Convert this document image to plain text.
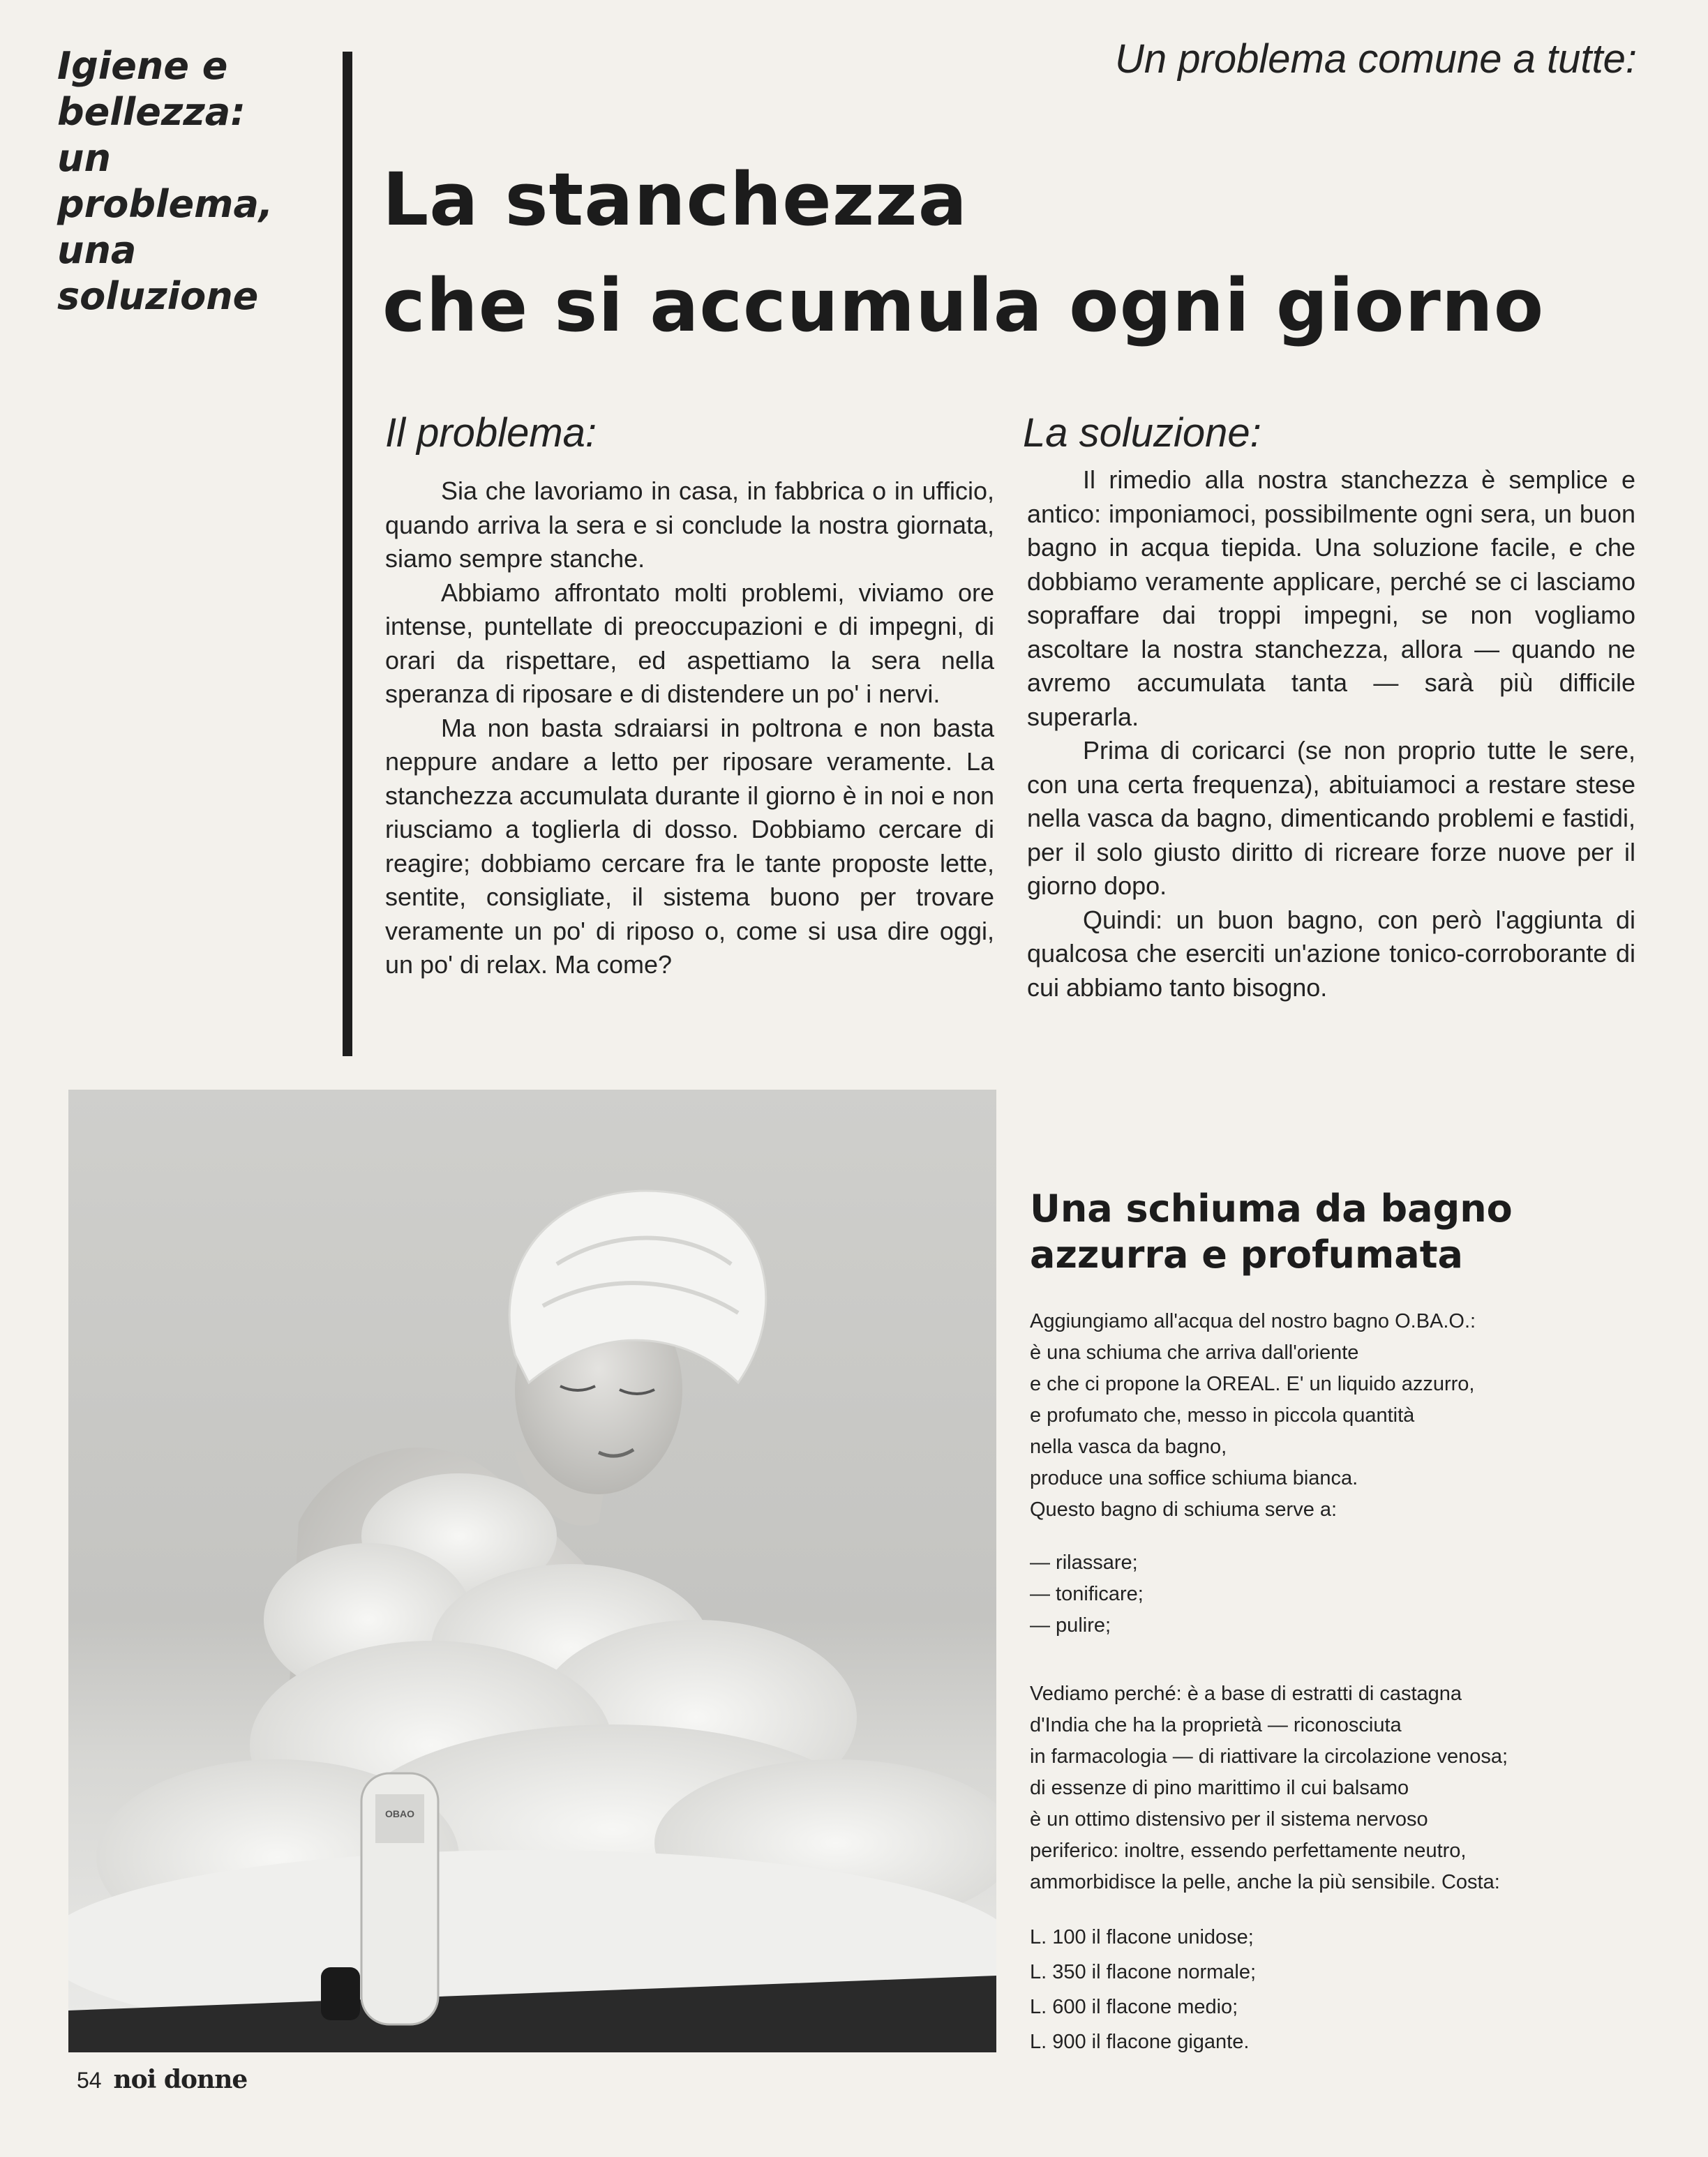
Igiene e
bellezza:
un
problema,
una
soluzione
Un problema comune a tutte:
La stanchezza
che si accumula ogni giorno
Il problema:

Sia che lavoriamo in casa, in fabbrica o in ufficio, quando arriva la sera e si conclude la nostra giornata, siamo sempre stanche.

Abbiamo affrontato molti problemi, viviamo ore intense, puntellate di preoccupazioni e di impegni, di orari da rispettare, ed aspettiamo la sera nella speranza di riposare e di distendere un po' i nervi.

Ma non basta sdraiarsi in poltrona e non basta neppure andare a letto per riposare veramente. La stanchezza accumulata durante il giorno è in noi e non riusciamo a toglierla di dosso. Dobbiamo cercare di reagire; dobbiamo cercare fra le tante proposte lette, sentite, consigliate, il sistema buono per trovare veramente un po' di riposo o, come si usa dire oggi, un po' di relax. Ma come?

La soluzione:

Il rimedio alla nostra stanchezza è semplice e antico: imponiamoci, possibilmente ogni sera, un buon bagno in acqua tiepida. Una soluzione facile, e che dobbiamo veramente applicare, perché se ci lasciamo sopraffare dai troppi impegni, se non vogliamo ascoltare la nostra stanchezza, allora — quando ne avremo accumulata tanta — sarà più difficile superarla.

Prima di coricarci (se non proprio tutte le sere, con una certa frequenza), abituiamoci a restare stese nella vasca da bagno, dimenticando problemi e fastidi, per il solo giusto diritto di ricreare forze nuove per il giorno dopo.

Quindi: un buon bagno, con però l'aggiunta di qualcosa che eserciti un'azione tonico-corroborante di cui abbiamo tanto bisogno.

OBAO
Una schiuma da bagno
azzurra e profumata
Aggiungiamo all'acqua del nostro bagno O.BA.O.:
è una schiuma che arriva dall'oriente
e che ci propone la OREAL. E' un liquido azzurro,
e profumato che, messo in piccola quantità
nella vasca da bagno,
produce una soffice schiuma bianca.
Questo bagno di schiuma serve a:
— rilassare;
— tonificare;
— pulire;
Vediamo perché: è a base di estratti di castagna
d'India che ha la proprietà — riconosciuta
in farmacologia — di riattivare la circolazione venosa;
di essenze di pino marittimo il cui balsamo
è un ottimo distensivo per il sistema nervoso
periferico: inoltre, essendo perfettamente neutro,
ammorbidisce la pelle, anche la più sensibile. Costa:
L. 100 il flacone unidose;
L. 350 il flacone normale;
L. 600 il flacone medio;
L. 900 il flacone gigante.
54 noi donne
